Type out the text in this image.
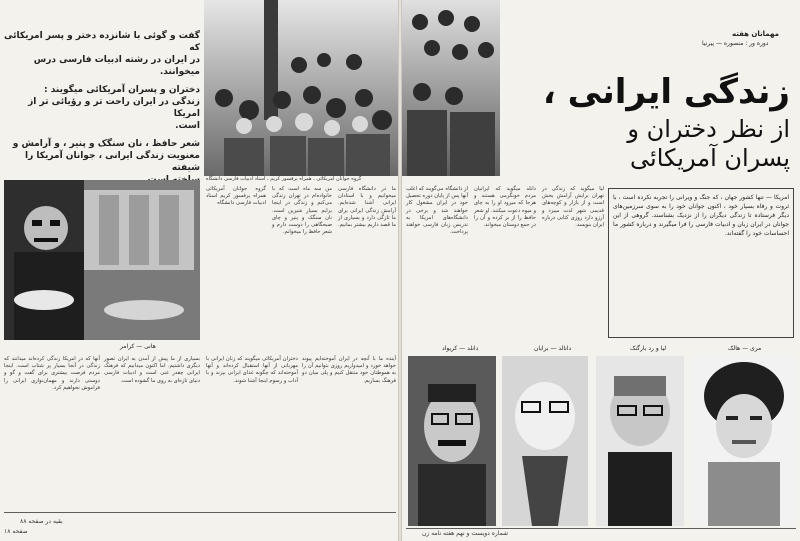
گفت و گوئی با شانزده دختر و پسر امریکائی که
در ایران در رشته ادبیات فارسی درس میخوانند.
دختران و پسران آمریکائی میگویند :
زندگی در ایران راحت تر و رؤیائی تر از امریکا
است.
شعر حافظ ، نان سنگک و پنیر ، و آرامش و
معنویت زندگی ایرانی ، جوانان آمریکا را شیفته
هانی — کرامر
گروه جوانان آمریکائی همراه پرفسور کریم استاد ادبیات فارسی دانشگاه
من سه ماه است که با خانواده‌ام در تهران زندگی می‌کنم و زندگی در اینجا برایم بسیار شیرین است. نان سنگک و پنیر و چای صبحگاهی را دوست دارم و شعر حافظ را میخوانم.
ما در دانشگاه فارسی میخوانیم و با استادان ایرانی آشنا شده‌ایم. آرامش زندگی ایرانی برای ما تازگی دارد و بسیاری از ما قصد داریم بیشتر بمانیم.
آنها که در امریکا زندگی کرده‌اند میدانند که زندگی در آنجا بسیار پر شتاب است. اینجا مردم فرصت بیشتری برای گفت و گو و دوستی دارند و مهمان‌نوازی ایرانی را فراموش نخواهیم کرد.
بسیاری از ما پیش از آمدن به ایران تصور دیگری داشتیم. اما اکنون میدانیم که فرهنگ ایرانی چقدر غنی است و ادبیات فارسی دنیای تازه‌ای به روی ما گشوده است.
دختران آمریکائی میگویند که زنان ایرانی با مهربانی از آنها استقبال کرده‌اند و آنها آموخته‌اند که چگونه غذای ایرانی بپزند و با آداب و رسوم اینجا آشنا شوند.
آینده ما با آنچه در ایران آموخته‌ایم پیوند خواهد خورد و امیدواریم روزی بتوانیم آن را به هموطنان خود منتقل کنیم و پلی میان دو فرهنگ بسازیم.
بقیه در صفحه ۸۸
صفحه ۱۸
گروه جوانان آمریکائی ، همراه پرفسور کریم ، استاد ادبیات فارسی دانشگاه
مهمانان هفته
دوره ور : منصوره — پیرنیا
زندگی ایرانی ،
از نظر دختران و
پسران آمریکائی
از دانشگاه می‌گویند که اغلب آنها پس از پایان دوره تحصیل خود در ایران مشغول کار خواهند شد و برخی در دانشگاه‌های امریکا به تدریس زبان فارسی خواهند پرداخت.
دانلد میگوید که ایرانیان مردم خونگرمی هستند و هرجا که میرود او را به چای و میوه دعوت میکنند. او شعر حافظ را از بر کرده و آن را در جمع دوستان میخواند.
لیا میگوید که زندگی در تهران برایش آرامش بخش است و از بازار و کوچه‌های قدیمی شهر لذت میبرد و آرزو دارد روزی کتابی درباره ایران بنویسد.
امریکا — تنها کشور جهان ، که جنگ و ویرانی را تجربه نکرده است ، با ثروت و رفاه بسیار خود ، اکنون جوانان خود را به سوی سرزمین‌های دیگر فرستاده تا زندگی دیگران را از نزدیک بشناسند. گروهی از این جوانان در ایران زبان و ادبیات فارسی را فرا میگیرند و درباره کشور ما احساسات خود را گفته‌اند.
دانلد — کریواد	دانالد — برایان	لیا و رد بارگنک	مری — هالک
شماره دویست و نهم هفته نامه زن
